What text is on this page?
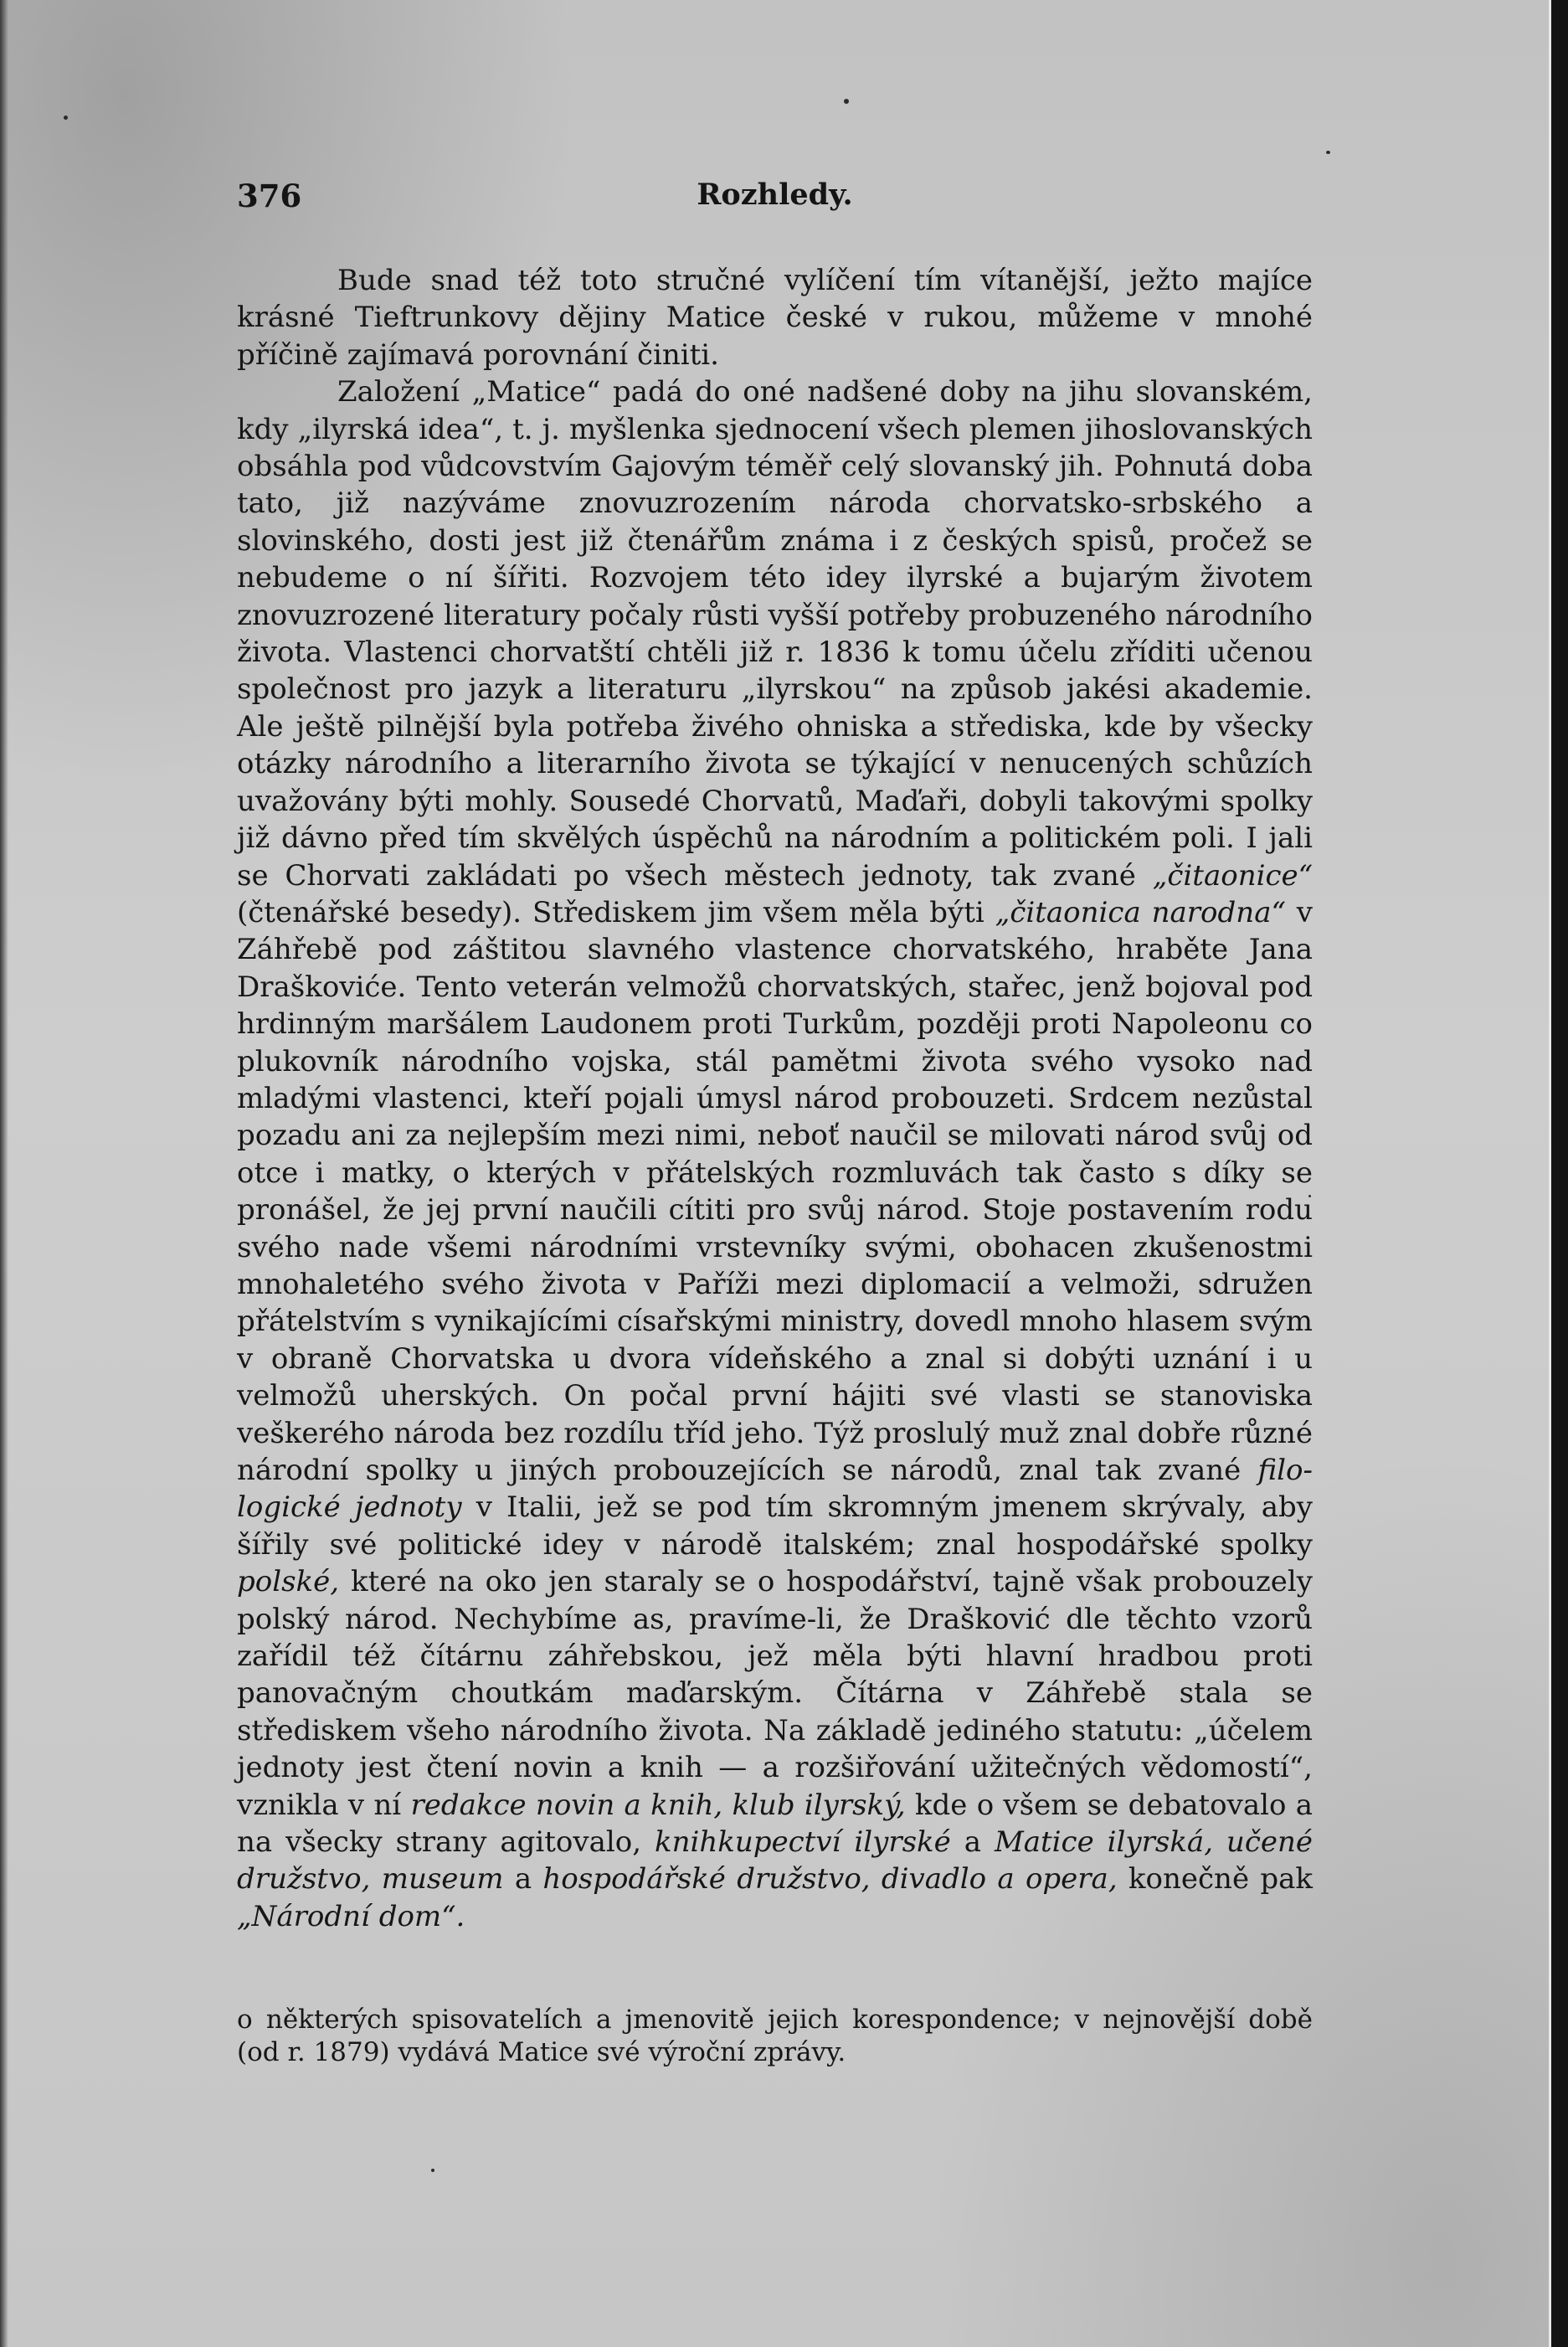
376	Rozhledy.

Bude snad též toto stručné vylíčení tím vítanější, ježto majíce krásné Tieftrunkovy dějiny Matice české v rukou, můžeme v mnohé příčině zajímavá porovnání činiti.

Založení „Matice“ padá do oné nadšené doby na jihu slovanském, kdy „ilyrská idea“, t. j. myšlenka sjednocení všech plemen jihoslovanských obsáhla pod vůdcovstvím Gajovým téměř celý slovanský jih. Pohnutá doba tato, již nazýváme znovuzrozením národa chorvatsko-srbského a slovinského, dosti jest již čtenářům známa i z českých spisů, pročež se nebudeme o ní šířiti. Rozvojem této idey ilyrské a bujarým životem znovuzrozené literatury počaly růsti vyšší potřeby probuzeného národního života. Vlastenci chorvatští chtěli již r. 1836 k tomu účelu zříditi učenou společnost pro jazyk a literaturu „ilyrskou“ na způsob jakési akademie. Ale ještě pilnější byla potřeba živého ohniska a střediska, kde by všecky otázky národního a literarního života se týkající v nenucených schůzích uvažovány býti mohly. Sousedé Chorvatů, Maďaři, dobyli takovými spolky již dávno před tím skvělých úspěchů na národním a politickém poli. I jali se Chorvati zakládati po všech městech jednoty, tak zvané „čitaonice“ (čtenářské besedy). Střediskem jim všem měla býti „čitaonica narodna“ v Záhřebě pod záštitou slavného vlastence chorvatského, hraběte Jana Draškoviće. Tento veterán velmožů chorvatských, stařec, jenž bojoval pod hrdinným maršálem Laudonem proti Turkům, později proti Napoleonu co plukovník národního vojska, stál pamětmi života svého vysoko nad mladými vlastenci, kteří pojali úmysl národ probouzeti. Srdcem nezůstal pozadu ani za nejlepším mezi nimi, neboť naučil se milovati národ svůj od otce i matky, o kterých v přátelských rozmluvách tak často s díky se pronášel, že jej první naučili cítiti pro svůj národ. Stoje postavením rodu svého nade všemi národními vrstevníky svými, obohacen zkušenostmi mnohaletého svého života v Paříži mezi diplomacií a velmoži, sdružen přátelstvím s vynikajícími císařskými ministry, dovedl mnoho hlasem svým v obraně Chorvatska u dvora vídeňského a znal si dobýti uznání i u velmožů uherských. On počal první hájiti své vlasti se stanoviska veškerého národa bez rozdílu tříd jeho. Týž proslulý muž znal dobře různé národní spolky u jiných probouzejících se národů, znal tak zvané filologické jednoty v Italii, jež se pod tím skromným jmenem skrývaly, aby šířily své politické idey v národě italském; znal hospodářské spolky polské, které na oko jen staraly se o hospodářství, tajně však probouzely polský národ. Nechybíme as, pravíme-li, že Drašković dle těchto vzorů zařídil též čítárnu záhřebskou, jež měla býti hlavní hradbou proti panovačným choutkám maďarským. Čítárna v Záhřebě stala se střediskem všeho národního života. Na základě jediného statutu: „účelem jednoty jest čtení novin a knih — a rozšiřování užitečných vědomostí“, vznikla v ní redakce novin a knih, klub ilyrský, kde o všem se debatovalo a na všecky strany agitovalo, knihkupectví ilyrské a Matice ilyrská, učené družstvo, museum a hospodářské družstvo, divadlo a opera, konečně pak „Národní dom“.

o některých spisovatelích a jmenovitě jejich korespondence; v nejnovější době (od r. 1879) vydává Matice své výroční zprávy.
